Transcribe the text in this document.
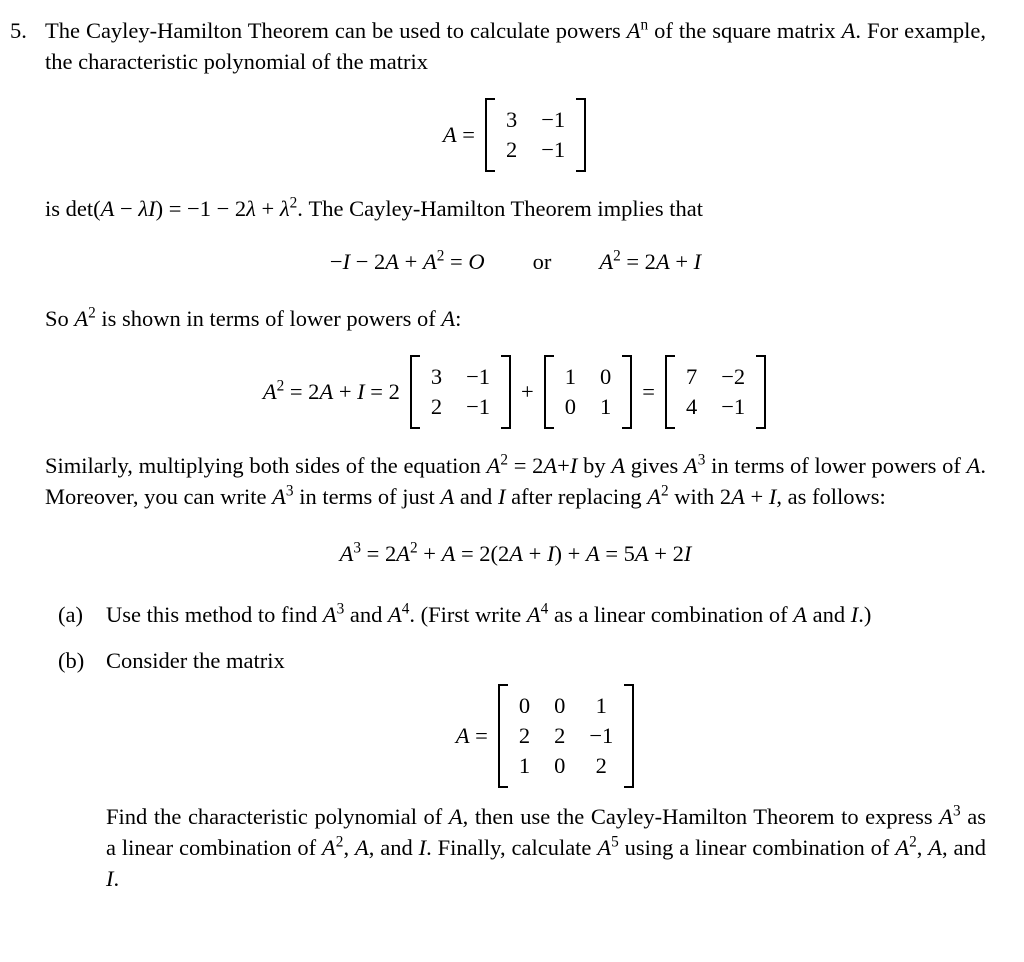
5. The Cayley-Hamilton Theorem can be used to calculate powers $A^n$ of the square matrix A. For example, the characteristic polynomial of the matrix

A =
3 −1
2 −1

is $\det(A - \lambda I) = -1 - 2\lambda + \lambda^2$. The Cayley-Hamilton Theorem implies that

$-I - 2A + A^2 = O$ or $A^2 = 2A + I$

So $A^2$ is shown in terms of lower powers of A:

$A^2 = 2A + I = 2$
3 −1
2 −1
+
1 0
0 1
=
7 −2
4 −1

Similarly, multiplying both sides of the equation $A^2 = 2A+I$ by A gives $A^3$ in terms of lower powers of A. Moreover, you can write $A^3$ in terms of just A and I after replacing $A^2$ with 2A + I, as follows:

$A^3 = 2A^2 + A = 2(2A + I) + A = 5A + 2I$
(a)	Use this method to find $A^3$ and $A^4$. (First write $A^4$ as a linear combination of A and I.)

(b) Consider the matrix

A =
0 0 1
2 2 −1
1 0 2

Find the characteristic polynomial of A, then use the Cayley-Hamilton Theorem to express $A^3$ as a linear combination of $A^2$, A, and I. Finally, calculate $A^5$ using a linear combination of $A^2$, A, and I.
